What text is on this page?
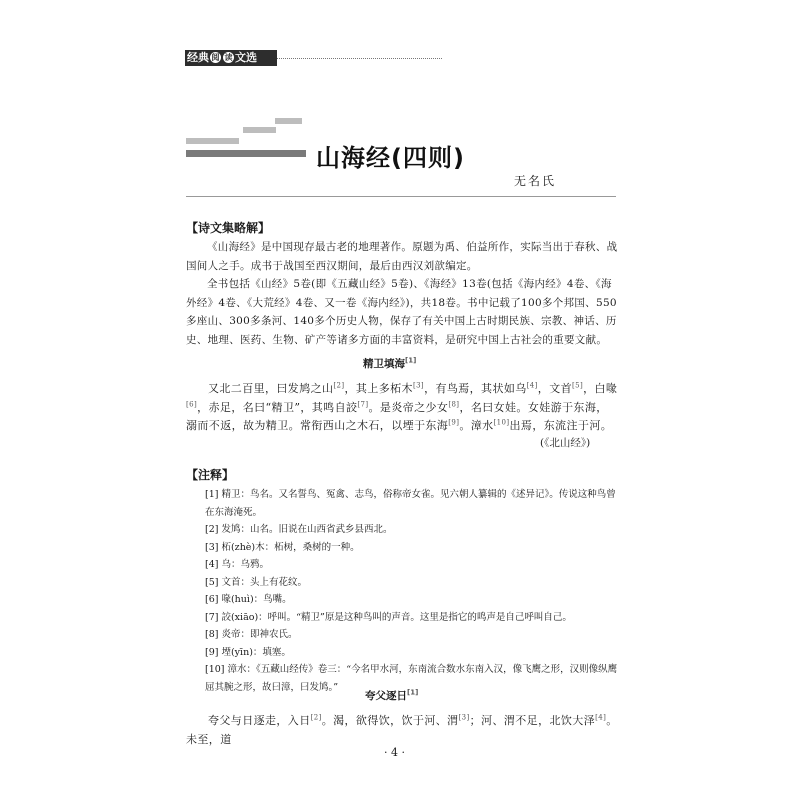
经典 阅 读 文选
山海经(四则)
无名氏
【诗文集略解】
《山海经》是中国现存最古老的地理著作。原题为禹、伯益所作，实际当出于春秋、战国间人之手。成书于战国至西汉期间，最后由西汉刘歆编定。
全书包括《山经》5卷(即《五藏山经》5卷)、《海经》13卷(包括《海内经》4卷、《海外经》4卷、《大荒经》4卷、又一卷《海内经》)，共18卷。书中记载了100多个邦国、550多座山、300多条河、140多个历史人物，保存了有关中国上古时期民族、宗教、神话、历史、地理、医药、生物、矿产等诸多方面的丰富资料，是研究中国上古社会的重要文献。
精卫填海[1]
又北二百里，曰发鸠之山[2]，其上多柘木[3]，有鸟焉，其状如乌[4]，文首[5]，白喙[6]，赤足，名曰“精卫”，其鸣自詨[7]。是炎帝之少女[8]，名曰女娃。女娃游于东海，溺而不返，故为精卫。常衔西山之木石，以堙于东海[9]。漳水[10]出焉，东流注于河。
(《北山经》)
【注释】
[1] 精卫：鸟名。又名誓鸟、冤禽、志鸟，俗称帝女雀。见六朝人纂辑的《述异记》。传说这种鸟曾在东海淹死。
[2] 发鸠：山名。旧说在山西省武乡县西北。
[3] 柘(zhè)木：柘树，桑树的一种。
[4] 乌：乌鸦。
[5] 文首：头上有花纹。
[6] 喙(huì)：鸟嘴。
[7] 詨(xiāo)：呼叫。“精卫”原是这种鸟叫的声音。这里是指它的鸣声是自己呼叫自己。
[8] 炎帝：即神农氏。
[9] 堙(yīn)：填塞。
[10] 漳水：《五藏山经传》卷三：“今名甲水河，东南流合数水东南入汉，像飞鹰之形，汉则像纵鹰屈其腕之形，故曰漳，曰发鸠。”
夸父逐日[1]
夸父与日逐走，入日[2]。渴，欲得饮，饮于河、渭[3]；河、渭不足，北饮大泽[4]。未至，道
· 4 ·
